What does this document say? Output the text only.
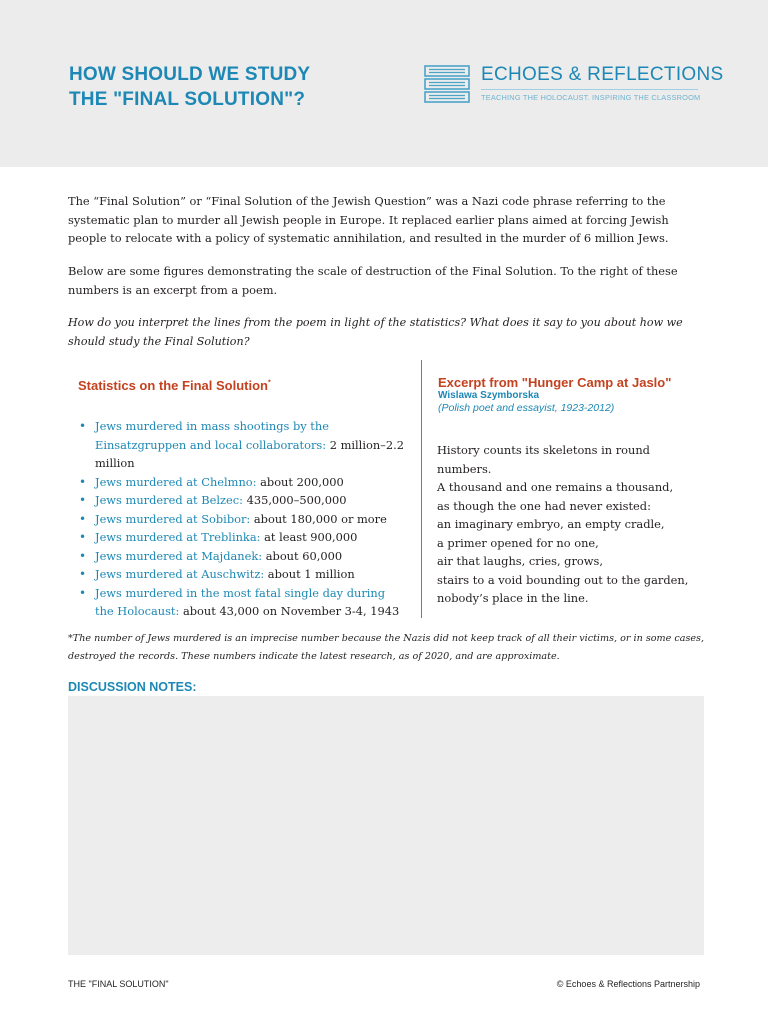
HOW SHOULD WE STUDY
THE "FINAL SOLUTION"?
ECHOES & REFLECTIONS
TEACHING THE HOLOCAUST. INSPIRING THE CLASSROOM

The “Final Solution” or “Final Solution of the Jewish Question” was a Nazi code phrase referring to the systematic plan to murder all Jewish people in Europe. It replaced earlier plans aimed at forcing Jewish people to relocate with a policy of systematic annihilation, and resulted in the murder of 6 million Jews.

Below are some figures demonstrating the scale of destruction of the Final Solution. To the right of these numbers is an excerpt from a poem.

How do you interpret the lines from the poem in light of the statistics? What does it say to you about how we should study the Final Solution?

Statistics on the Final Solution*
• Jews murdered in mass shootings by the Einsatzgruppen and local collaborators: 2 million–2.2 million
• Jews murdered at Chelmno: about 200,000
• Jews murdered at Belzec: 435,000–500,000
• Jews murdered at Sobibor: about 180,000 or more
• Jews murdered at Treblinka: at least 900,000
• Jews murdered at Majdanek: about 60,000
• Jews murdered at Auschwitz: about 1 million
• Jews murdered in the most fatal single day during the Holocaust: about 43,000 on November 3-4, 1943
Excerpt from "Hunger Camp at Jaslo"
Wislawa Szymborska
(Polish poet and essayist, 1923-2012)
History counts its skeletons in round
numbers.
A thousand and one remains a thousand,
as though the one had never existed:
an imaginary embryo, an empty cradle,
a primer opened for no one,
air that laughs, cries, grows,
stairs to a void bounding out to the garden,
nobody’s place in the line.

*The number of Jews murdered is an imprecise number because the Nazis did not keep track of all their victims, or in some cases, destroyed the records. These numbers indicate the latest research, as of 2020, and are approximate.

DISCUSSION NOTES:
THE "FINAL SOLUTION"	© Echoes & Reflections Partnership
